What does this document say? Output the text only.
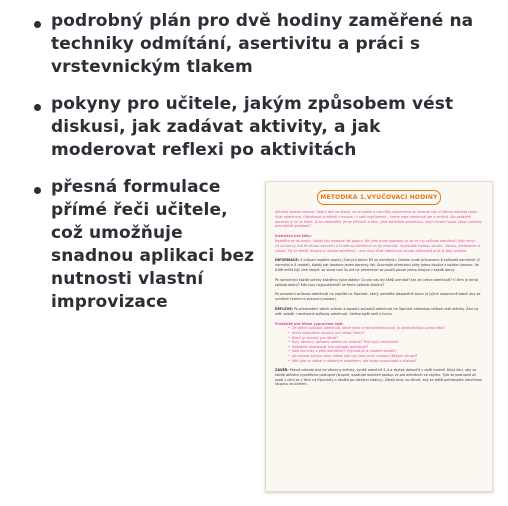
podrobný plán pro dvě hodiny zaměřené na techniky odmítání, asertivitu a práci s vrstevnickým tlakem
pokyny pro učitele, jakým způsobem vést diskusi, jak zadávat aktivity, a jak moderovat reflexi po aktivitách
přesná formulace přímé řeči učitele, což umožňuje snadnou aplikaci bez nutnosti vlastní improvizace
METODIKA 1.VYUČOVACÍ HODINY
Aktivita vašeho lektora: Dobrý den se všemi, že se kolem s nás třídy zkoumáme se zkusme kdy můžeme odmítat nebo říkat odmítnout. Odmítnout je běžně v mnoha i v naší nepříjemné – řekne zase odmítnutí jde o změnit. Ale pořádně opravdu je to ve které. Je to náročnější, že se přihlásit o žánr, jaké aktivitám odmítnout, když chcete hovor, jakou potřeby pravidelně protolaní?
Instrukce pro žáky:
Rozdělte se do dvojic. Každý pár dostane list papíru. Na něm bude popsáno co se ve hry způsobí odmítnutí (tlak kmyř – na co bez ty zná té situaci zacvinit) a hrubě by odmítnutí zn by mocnost. Vyzkoušte každou situaci, úlevou, představte si situaci. Po ve téměř situace si ukažte odmítnutí – kdo musí říkat odmítnout zkuste zdůvodnit proč je taky prostor.
INFORMACE: V průpad najdete papíry (Ctarých barev B3 se odmítnutí. Celkem bude připraveno 6 způsobů odmítnutí (2 normální a 4 modré). Každý pár dostane jeden barevný list. Srovnejte předchozí vždy jedna dvojice s každou barvou. Ve třídě může být více stejně. se skrze tom šu ale ne prezentaci se použit pouze jedna dvojice z každé barvy.
Po ujmechání každé scénky každému type otázky: Co pro vás byl těžší odmítat? Jak zní přece odmítnutí? V čem je tento způsob dobrý? Kde jsou nejpoužívané? se tento způsob vhodný?
Po ochodení způsobu odmítnutí na napiště na flipchart, který umístěte dispozičně touto (a tyjiné nepovinně tabuli aby se schránili termínnú pracovní prostor).
REFLEXE: Po předvedení všech scének a zapsání způsobů odmítnutí na flipchart následuje reflexe celé aktivity. Žáci by měli odložit i nevhodné způsoby odmítnutí. Vidíme opět sedí v kruhu.
Praktické pro třídní vypravíme rádi:
• Ze všech způsobů odmítnutí, které jsme si teď představovali, je zjednodušující přece tělo?
• Který nepoužívé nevolný pro nikdo? Který?
• Který je vhodný pro diktát?
• Byly všechny způsoby odmítnutí vhodné? Proč byly nevhodné?
• Dokážete diskutovat jiné způsoby odmítnutí?
• Jaké techniky v přejí odmítnutí? Vyjmutá já je vhodné obrátit?
• Jak tohoto výtahu nebo reflexi jste byli jako první schopni těžkých situací?
• Měli jste se setkat s některým aspektem, ale nikdo nepochopit a zůstalo?
ZÁVĚR: Pokud nebude dva na všechny scénky, využít odmítnít 3–4 a zbytek dokončit v další hodině. Když žáci, aby se každá aktivita vysvětlena postupně (stupně, opakujte obdrželi postup ve pro odmítnutí ve zbytku. Tyto se postupně až rozdí s nimi se v těch na flipcharty a obrátit po ustálení hodiny). Záleží tedy na věcně, aby se Ještě potřebujete otevřenou skupinu za účelem.
